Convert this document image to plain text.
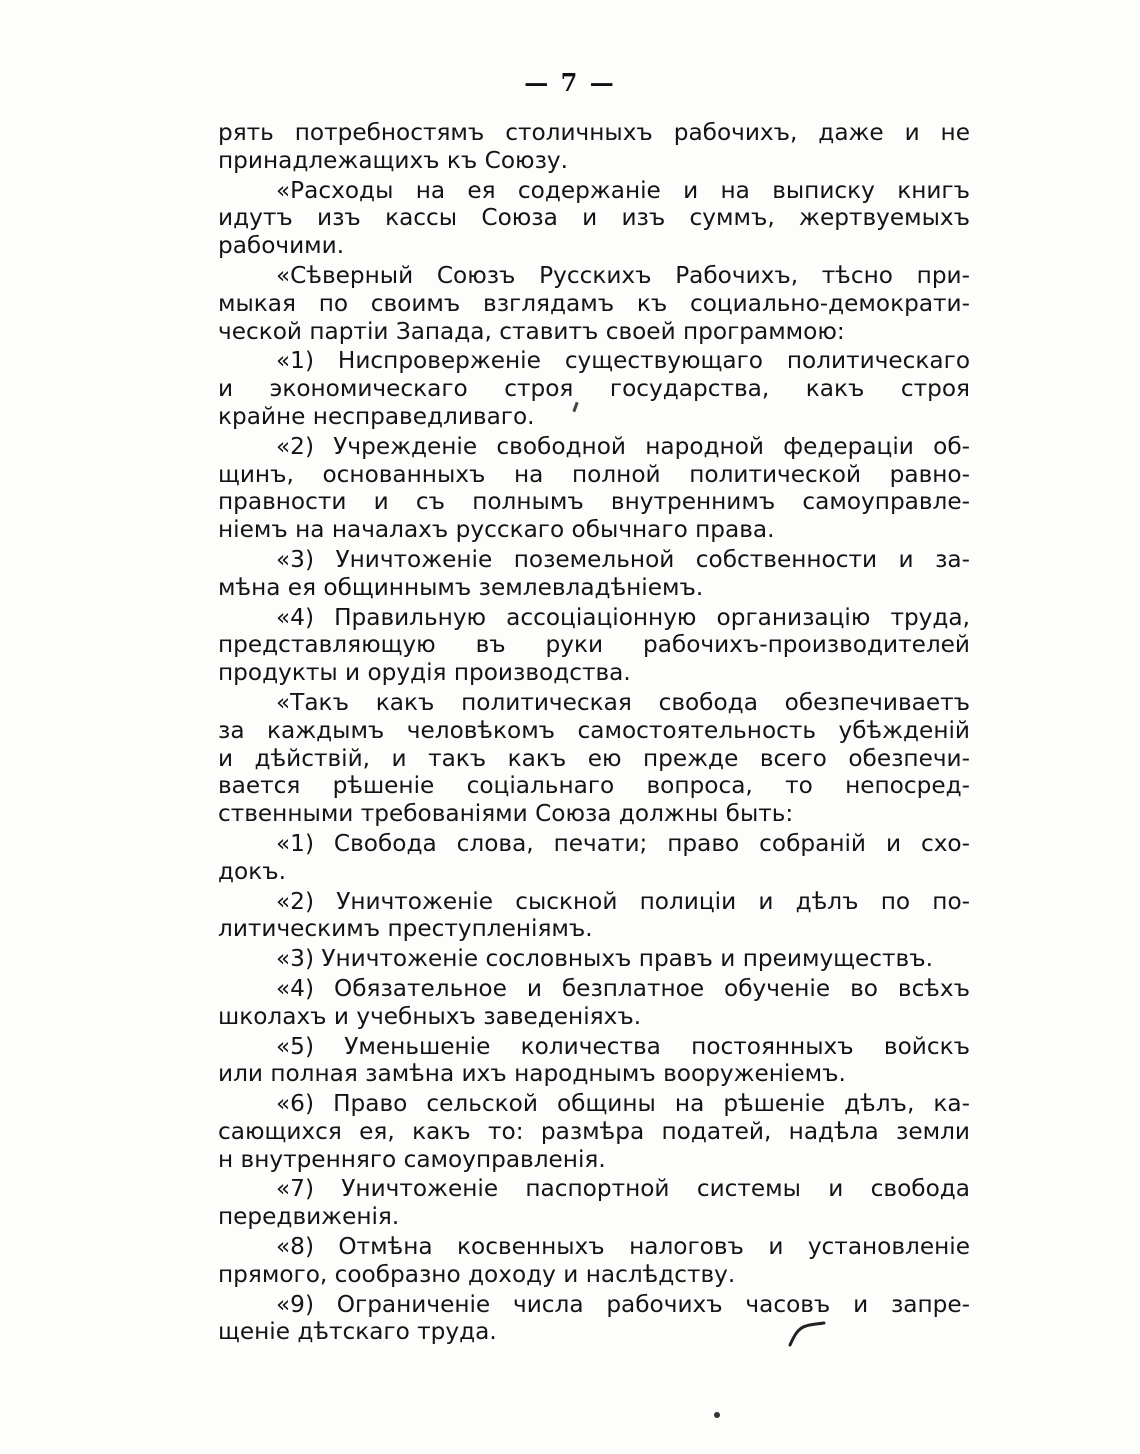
— 7 —

рять потребностямъ столичныхъ рабочихъ, даже и не
принадлежащихъ къ Союзу.

«Расходы на ея содержаніе и на выписку книгъ
идутъ изъ кассы Союза и изъ суммъ, жертвуемыхъ
рабочими.

«Сѣверный Союзъ Русскихъ Рабочихъ, тѣсно при-
мыкая по своимъ взглядамъ къ социально-демократи-
ческой партіи Запада, ставитъ своей программою:

«1) Ниспроверженіе существующаго политическаго
и экономическаго строя государства, какъ строя
крайне несправедливаго.

«2) Учрежденіе свободной народной федераціи об-
щинъ, основанныхъ на полной политической равно-
правности и съ полнымъ внутреннимъ самоуправле-
ніемъ на началахъ русскаго обычнаго права.

«3) Уничтоженіе поземельной собственности и за-
мѣна ея общиннымъ землевладѣніемъ.

«4) Правильную ассоціаціонную организацію труда,
представляющую въ руки рабочихъ-производителей
продукты и орудія производства.

«Такъ какъ политическая свобода обезпечиваетъ
за каждымъ человѣкомъ самостоятельность убѣжденій
и дѣйствій, и такъ какъ ею прежде всего обезпечи-
вается рѣшеніе соціальнаго вопроса, то непосред-
ственными требованіями Союза должны быть:

«1) Свобода слова, печати; право собраній и схо-
докъ.

«2) Уничтоженіе сыскной полиціи и дѣлъ по по-
литическимъ преступленіямъ.

«3) Уничтоженіе сословныхъ правъ и преимуществъ.

«4) Обязательное и безплатное обученіе во всѣхъ
школахъ и учебныхъ заведеніяхъ.

«5) Уменьшеніе количества постоянныхъ войскъ
или полная замѣна ихъ народнымъ вооруженіемъ.

«6) Право сельской общины на рѣшеніе дѣлъ, ка-
сающихся ея, какъ то: размѣра податей, надѣла земли
н внутренняго самоуправленія.

«7) Уничтоженіе паспортной системы и свобода
передвиженія.

«8) Отмѣна косвенныхъ налоговъ и установленіе
прямого, сообразно доходу и наслѣдству.

«9) Ограниченіе числа рабочихъ часовъ и запре-
щеніе дѣтскаго труда.
